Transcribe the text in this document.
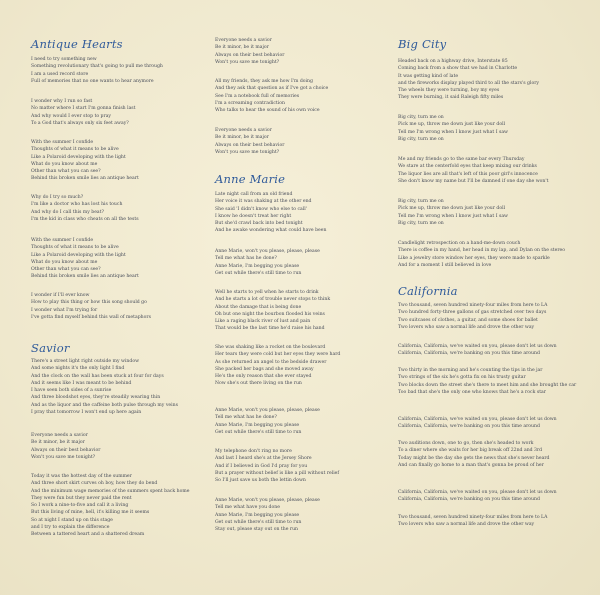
Antique Hearts
I need to try something new
Something revolutionary that's going to pull me through
I am a used record store
Full of memories that no one wants to hear anymore
I wonder why I run so fast
No matter where I start I'm gonna finish last
And why would I ever stop to pray
To a God that's always only six feet away?
With the summer I confide
Thoughts of what it means to be alive
Like a Polaroid developing with the light
What do you know about me
Other than what you can see?
Behind this broken smile lies an antique heart
Why do I try so much?
I'm like a doctor who has lost his touch
And why do I call this my beat?
I'm the kid in class who cheats on all the tests
With the summer I confide
Thoughts of what it means to be alive
Like a Polaroid developing with the light
What do you know about me
Other than what you can see?
Behind this broken smile lies an antique heart
I wonder if I'll ever know
How to play this thing or how this song should go
I wonder what I'm trying for
I've gotta find myself behind this wall of metaphors
Savior
There's a street light right outside my window
And some nights it's the only light I find
And the clock on the wall has been stuck at four for days
And it seems like I was meant to be behind
I have seen both sides of a sunrise
And three bloodshot eyes, they're steadily wearing thin
And as the liquor and the caffeine both pulse through my veins
I pray that tomorrow I won't end up here again
Everyone needs a savior
Be it minor, be it major
Always on their best behavior
Won't you save me tonight?
Today it was the hottest day of the summer
And three short skirt curves oh boy, how they do bend
And the minimum wage memories of the summers spent back home
They were fun but they never paid the rent
So I work a nine-to-five and call it a living
But this living of mine, hell, it's killing me it seems
So at night I stand up on this stage
and I try to explain the difference
Between a tattered heart and a shattered dream
Everyone needs a savior
Be it minor, be it major
Always on their best behavior
Won't you save me tonight?
All my friends, they ask me how I'm doing
And they ask that question as if I've got a choice
See I'm a notebook full of memories
I'm a screaming contradiction
Who talks to hear the sound of his own voice
Everyone needs a savior
Be it minor, be it major
Always on their best behavior
Won't you save me tonight?
Anne Marie
Late night call from an old friend
Her voice it was shaking at the other end
She said 'I didn't know who else to call'
I know he doesn't treat her right
But she'd crawl back into bed tonight
And he awake wondering what could have been
Anne Marie, won't you please, please, please
Tell me what has he done?
Anne Marie, I'm begging you please
Get out while there's still time to run
Well he starts to yell when he starts to drink
And he starts a lot of trouble never stops to think
About the damage that is being done
Oh but one night the bourbon flooded his veins
Like a raging black river of lust and pain
That would be the last time he'd raise his hand
She was shaking like a rocket on the boulevard
Her tears they were cold but her eyes they were hard
As she returned an angel to the bedside drawer
She packed her bags and she moved away
He's the only reason that she ever stayed
Now she's out there living on the run
Anne Marie, won't you please, please, please
Tell me what has he done?
Anne Marie, I'm begging you please
Get out while there's still time to run
My telephone don't ring no more
And last I heard she's at the Jersey Shore
And if I believed in God I'd pray for you
But a prayer without belief is like a pill without relief
So I'll just save us both the lettin down
Anne Marie, won't you please, please, please
Tell me what have you done
Anne Marie, I'm begging you please
Get out while there's still time to run
Stay out, please stay out on the run
Big City
Headed back on a highway drive, Interstate 85
Coming back from a show that we had in Charlotte
It was getting kind of late
and the fireworks display played third to all the stars's glory
The wheels they were turning, boy my eyes
They were burning, it said Raleigh fifty miles
Big city, turn me on
Pick me up, throw me down just like your doll
Tell me I'm wrong when I know just what I saw
Big city, turn me on
Me and my friends go to the same bar every Thursday
We stare at the centerfold eyes that keep mixing our drinks
The liquor lies are all that's left of this poor girl's innocence
She don't know my name but I'll be damned if one day she won't
Big city, turn me on
Pick me up, throw me down just like your doll
Tell me I'm wrong when I know just what I saw
Big city, turn me on
Candlelight retrospection on a hand-me-down couch
There is coffee in my hand, her head in my lap, and Dylan on the stereo
Like a jewelry store window her eyes, they were made to sparkle
And for a moment I still believed in love
California
Two thousand, seven hundred ninety-four miles from here to LA
Two hundred forty-three gallons of gas stretched over two days
Two suitcases of clothes, a guitar, and some shoes for ballet
Two lovers who saw a normal life and drove the other way
California, California, we've waited on you, please don't let us down
California, California, we're banking on you this time around
Two thirty in the morning and he's counting the tips in the jar
Two strings of the six he's gotta fix on his trusty guitar
Two blocks down the street she's there to meet him and she brought the car
Too bad that she's the only one who knows that he's a rock star
California, California, we've waited on you, please don't let us down
California, California, we're banking on you this time around
Two auditions down, one to go, then she's headed to work
To a diner where she waits for her big break off 22nd and 3rd
Today might be the day she gets the news that she's never heard
And can finally go home to a man that's gonna be proud of her
California, California, we've waited on you, please don't let us down
California, California, we're banking on you this time around
Two thousand, seven hundred ninety-four miles from here to LA
Two lovers who saw a normal life and drove the other way
